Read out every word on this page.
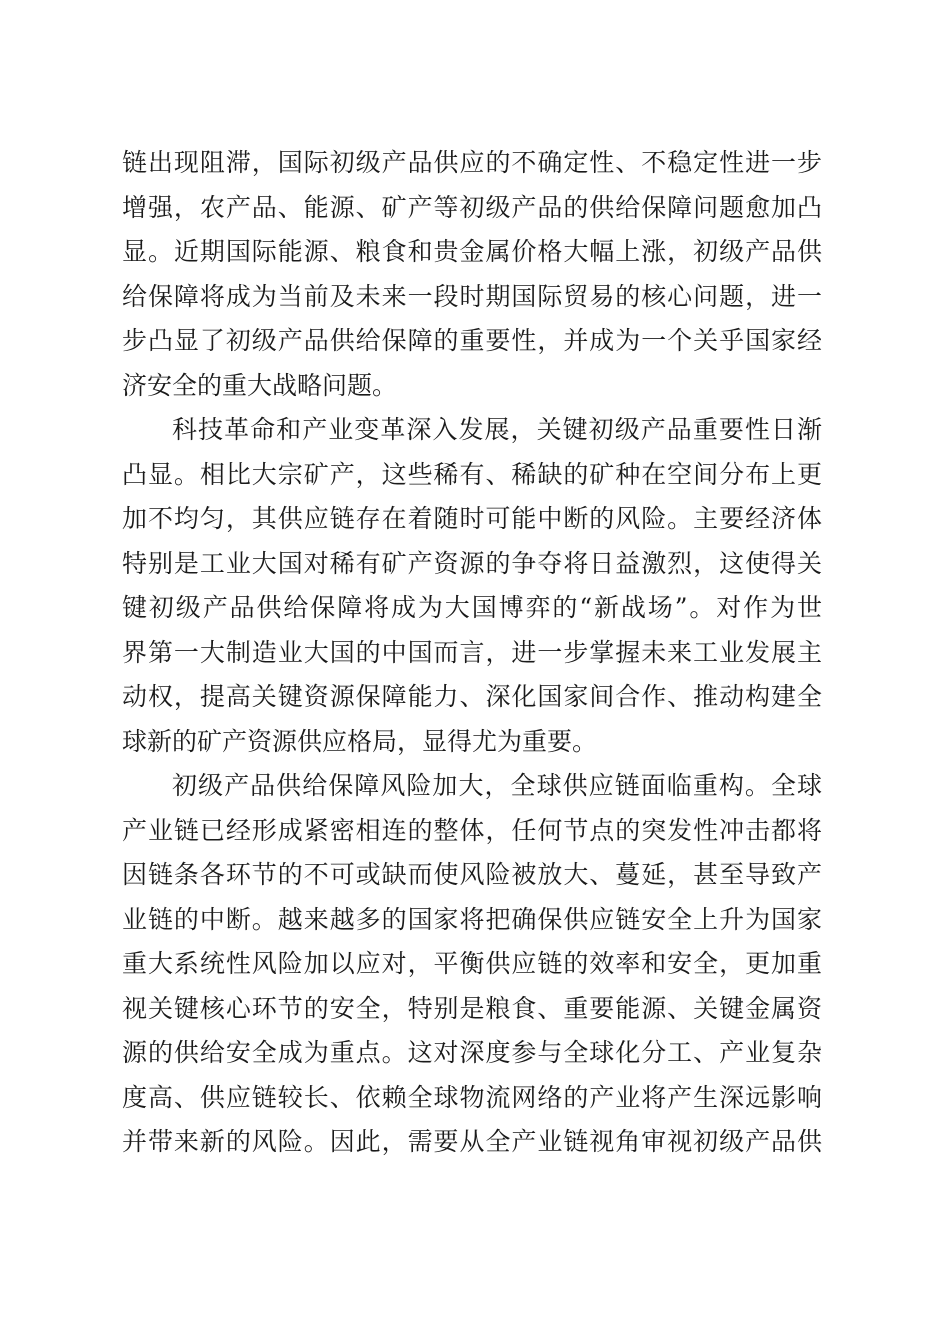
链出现阻滞，国际初级产品供应的不确定性、不稳定性进一步
增强，农产品、能源、矿产等初级产品的供给保障问题愈加凸
显。近期国际能源、粮食和贵金属价格大幅上涨，初级产品供
给保障将成为当前及未来一段时期国际贸易的核心问题，进一
步凸显了初级产品供给保障的重要性，并成为一个关乎国家经
济安全的重大战略问题。
科技革命和产业变革深入发展，关键初级产品重要性日渐
凸显。相比大宗矿产，这些稀有、稀缺的矿种在空间分布上更
加不均匀，其供应链存在着随时可能中断的风险。主要经济体
特别是工业大国对稀有矿产资源的争夺将日益激烈，这使得关
键初级产品供给保障将成为大国博弈的“新战场”。对作为世
界第一大制造业大国的中国而言，进一步掌握未来工业发展主
动权，提高关键资源保障能力、深化国家间合作、推动构建全
球新的矿产资源供应格局，显得尤为重要。
初级产品供给保障风险加大，全球供应链面临重构。全球
产业链已经形成紧密相连的整体，任何节点的突发性冲击都将
因链条各环节的不可或缺而使风险被放大、蔓延，甚至导致产
业链的中断。越来越多的国家将把确保供应链安全上升为国家
重大系统性风险加以应对，平衡供应链的效率和安全，更加重
视关键核心环节的安全，特别是粮食、重要能源、关键金属资
源的供给安全成为重点。这对深度参与全球化分工、产业复杂
度高、供应链较长、依赖全球物流网络的产业将产生深远影响
并带来新的风险。因此，需要从全产业链视角审视初级产品供
